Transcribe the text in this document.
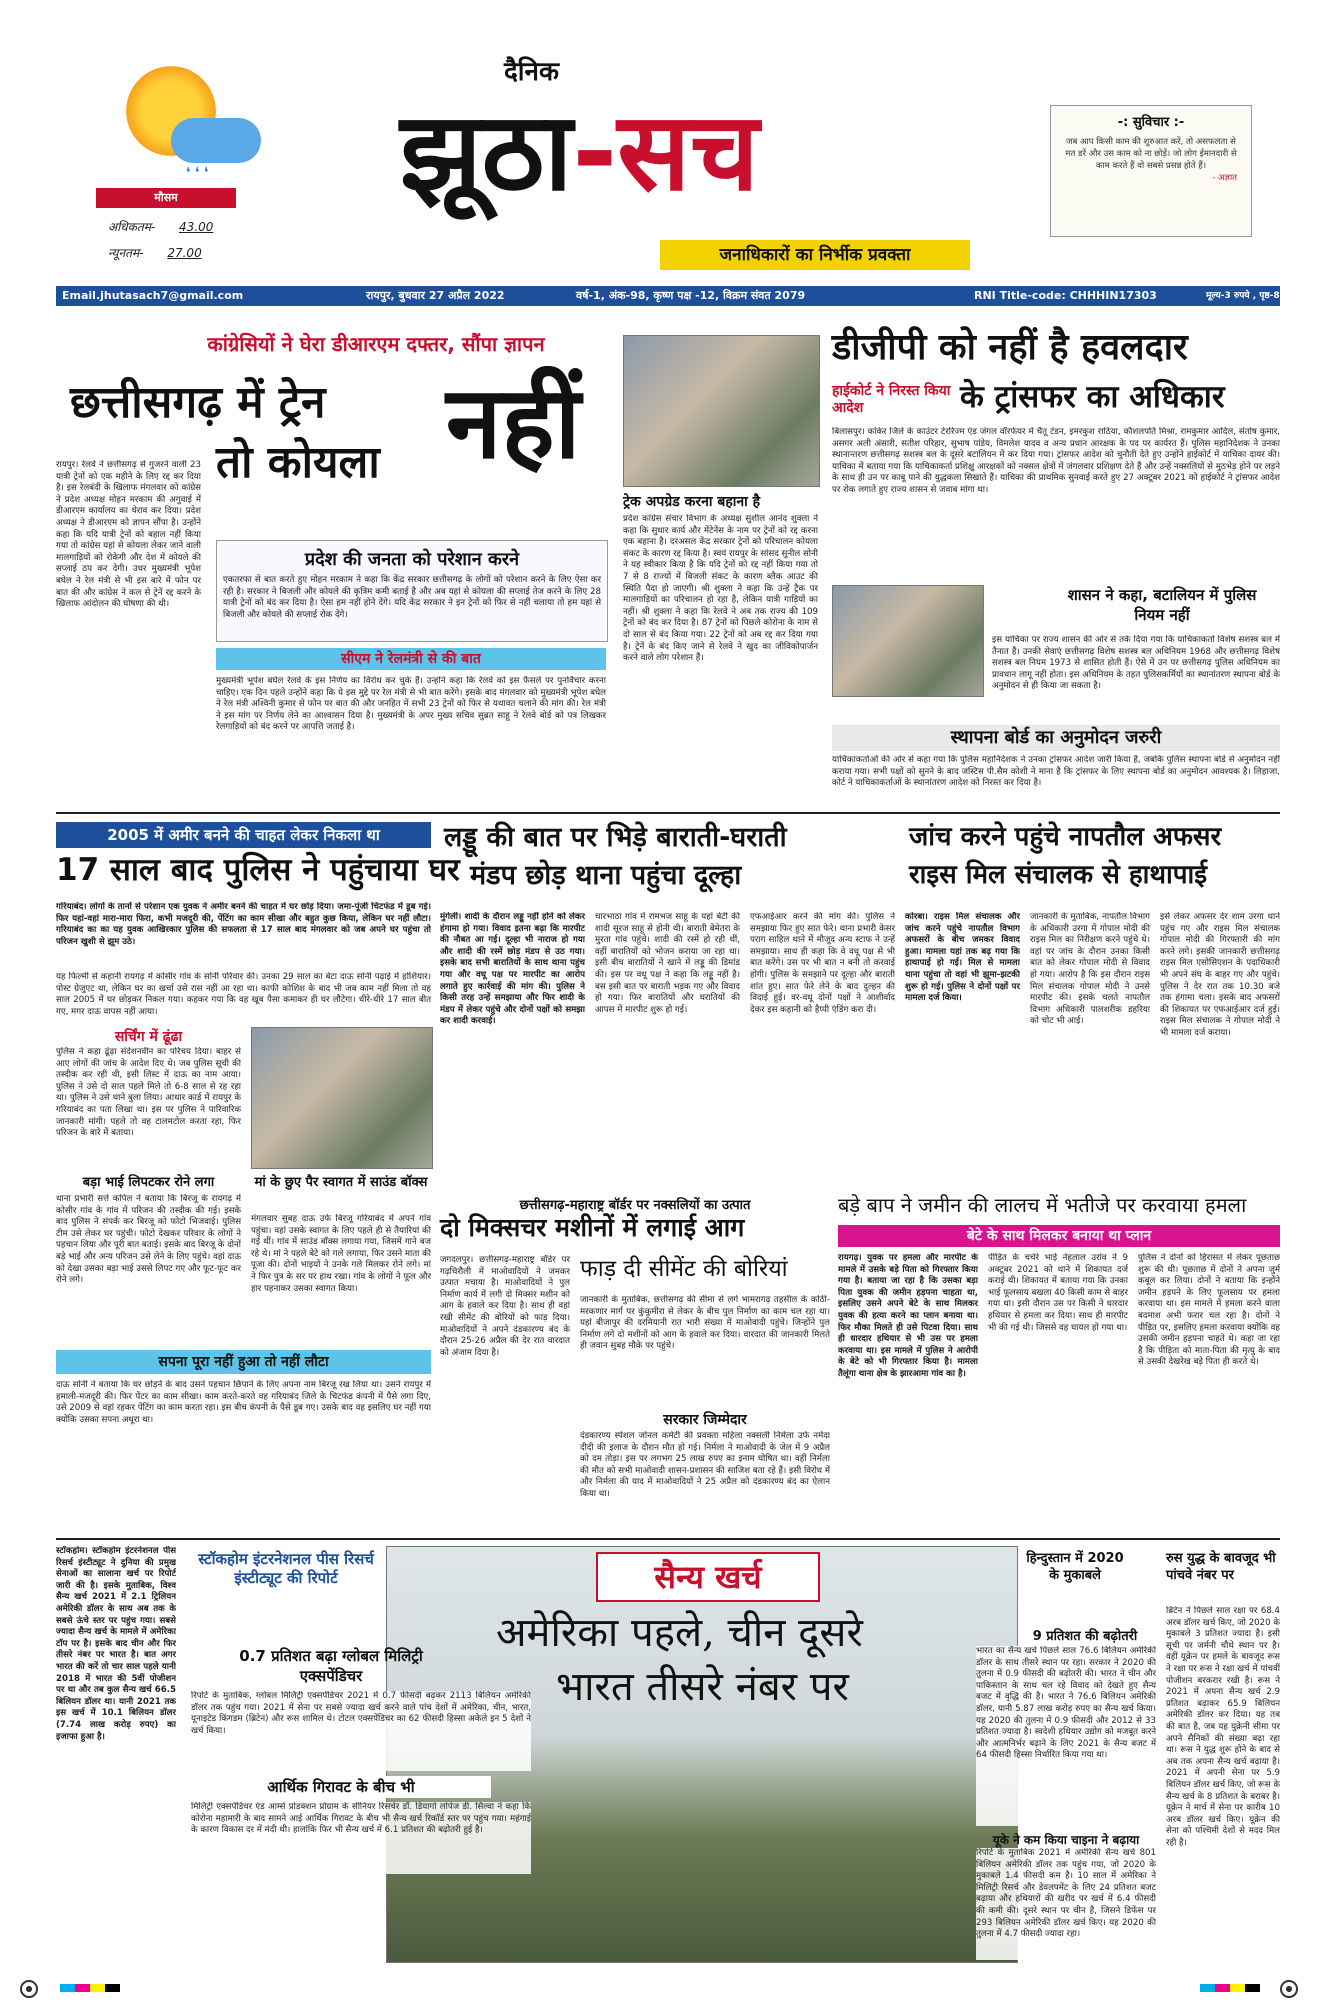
❛ ❛ ❛
मौसम
अधिकतम- 43.00
न्यूनतम- 27.00
दैनिक
झूठा-सच
जनाधिकारों का निर्भीक प्रवक्ता
-: सुविचार :-
जब आप किसी काम की शुरुआत करें, तो असफलता से मत डरें और उस काम को ना छोड़ें। जो लोग ईमानदारी से काम करते हैं वो सबसे प्रसन्न होते हैं।
- अज्ञात
Email.jhutasach7@gmail.com	रायपुर, बुधवार 27 अप्रैल 2022	वर्ष-1, अंक-98, कृष्ण पक्ष -12, विक्रम संवत 2079	RNI Title-code: CHHHIN17303	मूल्य-3 रुपये , पृष्ठ-8
कांग्रेसियों ने घेरा डीआरएम दफ्तर, सौंपा ज्ञापन
छत्तीसगढ़ में ट्रेन
तो कोयला नहीं
रायपुर। रेलवे ने छत्तीसगढ़ से गुजरने वाली 23 यात्री ट्रेनों को एक महीने के लिए रद्द कर दिया है। इस रेलबंदी के खिलाफ मंगलवार को कांग्रेस ने प्रदेश अध्यक्ष मोहन मरकाम की अगुवाई में डीआरएम कार्यालय का घेराव कर दिया। प्रदेश अध्यक्ष ने डीआरएम को ज्ञापन सौंपा है। उन्होंने कहा कि यदि यात्री ट्रेनों को बहाल नहीं किया गया तो कांग्रेस यहां से कोयला लेकर जाने वाली मालगाड़ियों को रोकेगी और देश में कोयले की सप्लाई ठप कर देगी। उधर मुख्यमंत्री भूपेश बघेल ने रेल मंत्री से भी इस बारे में फोन पर बात की और कांग्रेस ने कल से ट्रेनें रद्द करने के खिलाफ आंदोलन की घोषणा की थी।
प्रदेश की जनता को परेशान करने
एकतरफा से बात करते हुए मोहन मरकाम ने कहा कि केंद्र सरकार छत्तीसगढ़ के लोगों को परेशान करने के लिए ऐसा कर रही है। सरकार ने बिजली और कोयले की कृत्रिम कमी बताई है और अब यहां से कोयला की सप्लाई तेज करने के लिए 28 यात्री ट्रेनों को बंद कर दिया है। ऐसा हम नहीं होने देंगे। यदि केंद्र सरकार ने इन ट्रेनों को फिर से नहीं चलाया तो हम यहां से बिजली और कोयले की सप्लाई रोक देंगे।
सीएम ने रेलमंत्री से की बात
मुख्यमंत्री भूपेश बघेल रेलवे के इस निर्णय का विरोध कर चुके हैं। उन्होंने कहा कि रेलवे को इस फैसले पर पुनर्विचार करना चाहिए। एक दिन पहले उन्होंने कहा कि ये इस मुद्दे पर रेल मंत्री से भी बात करेंगे। इसके बाद मंगलवार को मुख्यमंत्री भूपेश बघेल ने रेल मंत्री अश्विनी कुमार से फोन पर बात की और जनहित में सभी 23 ट्रेनों को फिर से यथावत चलाने की मांग की। रेल मंत्री ने इस मांग पर निर्णय लेने का आश्वासन दिया है। मुख्यमंत्री के अपर मुख्य सचिव सुब्रत साहू ने रेलवे बोर्ड को पत्र लिखकर रेलगाड़ियों को बंद करने पर आपत्ति जताई है।
ट्रेक अपग्रेड करना बहाना है
प्रदेश कांग्रेस संचार विभाग के अध्यक्ष सुशील आनंद शुक्ला ने कहा कि सुधार कार्य और मेंटेनेंस के नाम पर ट्रेनों को रद्द करना एक बहाना है। दरअसल केंद्र सरकार ट्रेनों को परिचालन कोयला संकट के कारण रद्द किया है। स्वयं रायपुर के सांसद सुनील सोनी ने यह स्वीकार किया है कि यदि ट्रेनों को रद्द नहीं किया गया तो 7 से 8 राज्यों में बिजली संकट के कारण ब्लैक आउट की स्थिति पैदा हो जाएगी। श्री शुक्ला ने कहा कि उन्हें ट्रैक पर मालगाड़ियों का परिचालन हो रहा है, लेकिन यात्री गाड़ियों का नहीं। श्री शुक्ला ने कहा कि रेलवे ने अब तक राज्य की 109 ट्रेनों को बंद कर दिया है। 87 ट्रेनों को पिछले कोरोना के नाम से दो साल से बंद किया गया। 22 ट्रेनों को अब रद्द कर दिया गया है। ट्रेनें के बंद किए जाने से रेलवे ने खुद का जीविकोपार्जन करने वाले लोग परेशान हैं।
डीजीपी को नहीं है हवलदार
हाईकोर्ट ने निरस्त किया आदेश	के ट्रांसफर का अधिकार
बिलासपुर। कांकेर जिले के काउंटर टेररिज्म एंड जंगल वॉरफेयर में चैतू टंडन, इमरकुश राठिया, कौशलपति मिश्रा, रामकुमार आदिल, संतोष कुमार, असगर अली अंसारी, सतीश परिहार, सुभाष पांडेय, विमलेश यादव व अन्य प्रधान आरक्षक के पद पर कार्यरत हैं। पुलिस महानिदेशक ने उनका स्थानान्तरण छत्तीसगढ़ सशस्त्र बल के दूसरे बटालियन में कर दिया गया। ट्रांसफर आदेश को चुनौती देते हुए उन्होंने हाईकोर्ट में याचिका दायर की। याचिका में बताया गया कि याचिकाकर्ता प्रशिक्षु आरक्षकों को नक्सल क्षेत्रों में जंगलवार प्रशिक्षण देते हैं और उन्हें नक्सलियों से मुठभेड़ होने पर लड़ने के साथ ही उन पर काबू पाने की युद्धकला सिखाते हैं। याचिका की प्राथमिक सुनवाई करते हुए 27 अक्टूबर 2021 को हाईकोर्ट ने ट्रांसफर आदेश पर रोक लगाते हुए राज्य शासन से जवाब मांगा था।
शासन ने कहा, बटालियन में पुलिस नियम नहीं
इस याचिका पर राज्य शासन की ओर से तर्क दिया गया कि याचिकाकर्ता विशेष सशस्त्र बल में तैनात हैं। उनकी सेवाएं छत्तीसगढ़ विशेष सशस्त्र बल अधिनियम 1968 और छत्तीसगढ़ विशेष सशस्त्र बल नियम 1973 से शासित होती हैं। ऐसे में उन पर छत्तीसगढ़ पुलिस अधिनियम का प्रावधान लागू नहीं होता। इस अधिनियम के तहत पुलिसकर्मियों का स्थानांतरण स्थापना बोर्ड के अनुमोदन से ही किया जा सकता है।
स्थापना बोर्ड का अनुमोदन जरुरी
याचिकाकर्ताओं की ओर से कहा गया कि पुलिस महानिदेशक ने उनका ट्रांसफर आदेश जारी किया है, जबकि पुलिस स्थापना बोर्ड से अनुमोदन नहीं कराया गया। सभी पक्षों को सुनने के बाद जस्टिस पी.सैम कोशी ने माना है कि ट्रांसफर के लिए स्थापना बोर्ड का अनुमोदन आवश्यक है। लिहाजा, कोर्ट ने याचिकाकर्ताओं के स्थानांतरण आदेश को निरस्त कर दिया है।
2005 में अमीर बनने की चाहत लेकर निकला था
17 साल बाद पुलिस ने पहुंचाया घर
गरियाबंद। लोगों के तानों से परेशान एक युवक ने अमीर बनने की चाहत में घर छोड़ दिया। जमा-पूंजी चिटफंड में डूब गई। फिर यहां-वहां मारा-मारा फिरा, कभी मजदूरी की, पेंटिंग का काम सीखा और बहुत कुछ किया, लेकिन घर नहीं लौटा। गरियाबंद का का यह युवक आखिरकार पुलिस की सफलता से 17 साल बाद मंगलवार को जब अपने घर पहुंचा तो परिजन खुशी से झूम उठे।
यह फिल्मी से कहानी रायगढ़ में कोसीर गांव के सोनी परिवार की। उनका 29 साल का बेटा दाऊ सोनी पढ़ाई में होशियार। पोस्ट ग्रेजुएट था, लेकिन घर का खर्चा उसे रास नहीं आ रहा था। काफी कोशिश के बाद भी जब काम नहीं मिला तो वह साल 2005 में घर छोड़कर निकल गया। कहकर गया कि वह खूब पैसा कमाकर ही घर लौटेगा। धीरे-धीरे 17 साल बीत गए, मगर दाऊ वापस नहीं आया।
सर्चिंग में ढूंढा
पुलिस ने कहा ढूंढ़ा संदेशनवीन का परिचय दिया। बाहर से आए लोगों की जांच के आदेश दिए थे। जब पुलिस सूची की तस्दीक कर रही थी, इसी लिस्ट में दाऊ का नाम आया। पुलिस ने उसे दो साल पहले मिले तो 6-8 साल से रह रहा था। पुलिस ने उसे थाने बुला लिया। आधार कार्ड में रायपुर के गरियाबंद का पता लिखा था। इस पर पुलिस ने पारिवारिक जानकारी मांगी। पहले तो वह टालमटोल करता रहा, फिर परिजन के बारे में बताया।
बड़ा भाई लिपटकर रोने लगा
थाना प्रभारी सत्ते कपिल ने बताया कि बिरजू के रायगढ़ में कोसीर गांव के गांव में परिजन की तस्दीक की गई। इसके बाद पुलिस ने संपर्क कर बिरजू को फोटो भिजवाई। पुलिस टीम उसे लेकर घर पहुंची। फोटो देखकर परिवार के लोगों ने पहचान लिया और पूरी बात बताई। इसके बाद बिरजू के दोनों बड़े भाई और अन्य परिजन उसे लेने के लिए पहुंचे। वहां दाऊ को देखा उसका बड़ा भाई उससे लिपट गए और फूट-फूट कर रोने लगे।
मां के छुए पैर स्वागत में साउंड बॉक्स
मंगलवार सुबह दाऊ उर्फ बिरजू गरियाबंद में अपने गांव पहुंचा। वहां उसके स्वागत के लिए पहले ही से तैयारियां की गई थीं। गांव में साउंड बॉक्स लगाया गया, जिसमें गाने बज रहे थे। मां ने पहले बेटे को गले लगाया, फिर उसने माता की पूजा की। दोनों भाइयों ने उनके गले मिलकर रोने लगे। मां ने फिर पुत्र के सर पर हाथ रखा। गांव के लोगों ने फूल और हार पहनाकर उसका स्वागत किया।
सपना पूरा नहीं हुआ तो नहीं लौटा
दाऊ सोनी ने बताया कि घर छोड़ने के बाद उसने पहचान छिपाने के लिए अपना नाम बिरजू रख लिया था। उसने रायपुर में हमाली-मजदूरी की। फिर पेंटर का काम सीखा। काम करते-करते वह गरियाबंद जिले के चिटफंड कंपनी में पैसे लगा दिए, उसे 2009 से वहां रहकर पेंटिंग का काम करता रहा। इस बीच कंपनी के पैसे डूब गए। उसके बाद वह इसलिए घर नहीं गया क्योंकि उसका सपना अधूरा था।
लड्डू की बात पर भिड़े बाराती-घराती
मंडप छोड़ थाना पहुंचा दूल्हा
मुंगेली। शादी के दौरान लड्डू नहीं होने को लेकर हंगामा हो गया। विवाद इतना बढ़ा कि मारपीट की नौबत आ गई। दूल्हा भी नाराज हो गया और शादी की रस्में छोड़ मंडप से उठ गया। इसके बाद सभी बारातियों के साथ थाना पहुंच गया और वधू पक्ष पर मारपीट का आरोप लगाते हुए कार्रवाई की मांग की। पुलिस ने किसी तरह उन्हें समझाया और फिर शादी के मंडप में लेकर पहुंचे और दोनों पक्षों को समझा कर शादी करवाई।
चारभाठा गांव में रामभज साहू के यहां बेटी की शादी सूरज साहू से होनी थी। बाराती बेमेतरा के मुरता गांव पहुंचे। शादी की रस्में हो रही थीं, वहीं बारातियों को भोजन कराया जा रहा था। इसी बीच बारातियों ने खाने में लड्डू की डिमांड की। इस पर वधू पक्ष ने कहा कि लड्डू नहीं है। बस इसी बात पर बाराती भड़क गए और विवाद हो गया। फिर बारातियों और घरातियों की आपस में मारपीट शुरू हो गई।
एफआईआर करने की मांग की। पुलिस ने समझाया फिर हुए सात फेरे। थाना प्रभारी केसर पराग साहिल थाने में मौजूद अन्य स्टाफ ने उन्हें समझाया। साथ ही कहा कि वे वधू पक्ष से भी बात करेंगे। उस पर भी बात न बनी तो करवाई होगी। पुलिस के समझाने पर दूल्हा और बाराती शांत हुए। सात फेरे लेने के बाद दुल्हन की विदाई हुई। वर-वधू दोनों पक्षों ने आशीर्वाद देकर इस कहानी को हैप्पी एंडिंग करा दी।
जांच करने पहुंचे नापतौल अफसर
राइस मिल संचालक से हाथापाई
कोरबा। राइस मिल संचालक और जांच करने पहुंचे नापतौल विभाग अफसरों के बीच जमकर विवाद हुआ। मामला यहां तक बढ़ गया कि हाथापाई हो गई। मिल से मामला थाना पहुंचा तो वहां भी झूमा-झटकी शुरू हो गई। पुलिस ने दोनों पक्षों पर मामला दर्ज किया।
जानकारी के मुताबिक, नापतौल विभाग के अधिकारी उरगा में गोपाल मोदी की राइस मिल का निरीक्षण करने पहुंचे थे। वहां पर जांच के दौरान उनका किसी बात को लेकर गोपाल मोदी से विवाद हो गया। आरोप है कि इस दौरान राइस मिल संचालक गोपाल मोदी ने उनसे मारपीट की। इसके चलते नापतौल विभाग अधिकारी पालशरीक डहरिया को चोट भी आई।
इसे लेकर अफसर देर शाम उरगा थाने पहुंच गए और राइस मिल संचालक गोपाल मोदी की गिरफ्तारी की मांग करने लगे। इसकी जानकारी छत्तीसगढ़ राइस मिल एसोसिएशन के पदाधिकारी भी अपने संघ के बाहर गए और पहुंचे। पुलिस ने देर रात तक 10.30 बजे तक हंगामा चला। इसके बाद अफसरों की शिकायत पर एफआईआर दर्ज हुई। राइस मिल संचालक ने गोपाल मोदी ने भी मामला दर्ज कराया।
छत्तीसगढ़-महाराष्ट्र बॉर्डर पर नक्सलियों का उत्पात
दो मिक्सचर मशीनों में लगाई आग
फाड़ दी सीमेंट की बोरियां
जगदलपुर। छत्तीसगढ़-महाराष्ट्र बॉर्डर पर गढ़चिरौली में माओवादियों ने जमकर उत्पात मचाया है। माओवादियों ने पुल निर्माण कार्य में लगी दो मिक्सर मशीन को आग के हवाले कर दिया है। साथ ही वहां रखी सीमेंट की बोरियों को फाड़ दिया। माओवादियों ने अपने दंडकारण्य बंद के दौरान 25-26 अप्रैल की देर रात वारदात को अंजाम दिया है।
जानकारी के मुताबिक, छत्तीसगढ़ की सीमा से लगे भामरागढ़ तहसील के कोठी-मरकणार मार्ग पर कुंकुमीरा से लेकर के बीच पुल निर्माण का काम चल रहा था। यहां बीजापुर की दरमियानी रात भारी संख्या में माओवादी पहुंचे। जिन्होंने पुल निर्माण लगे दो मशीनों को आग के हवाले कर दिया। वारदात की जानकारी मिलते ही जवान सुबह मौके पर पहुंचे।
सरकार जिम्मेदार
दंडकारण्य स्पेशल जोनल कमेटी की प्रवक्ता महिला नक्सली निर्मला उर्फ नर्मदा दीदी की इलाज के दौरान मौत हो गई। निर्मला ने माओवादी के जेल में 9 अप्रैल को दम तोड़ा। इस पर लगभग 25 लाख रुपए का इनाम घोषित था। वहीं निर्मला की मौत को सभी माओवादी शासन-प्रशासन की साजिश बता रहे हैं। इसी विरोध में और निर्मला की याद में माओवादियों ने 25 अप्रैल को दंडकारण्य बंद का ऐलान किया था।
बड़े बाप ने जमीन की लालच में भतीजे पर करवाया हमला
बेटे के साथ मिलकर बनाया था प्लान
रायगढ़। युवक पर हमला और मारपीट के मामले में उसके बड़े पिता को गिरफ्तार किया गया है। बताया जा रहा है कि उसका बड़ा पिता युवक की जमीन हड़पना चाहता था, इसलिए उसने अपने बेटे के साथ मिलकर युवक की हत्या करने का प्लान बनाया था। फिर मौका मिलते ही उसे पिटवा दिया। साथ ही धारदार हथियार से भी उस पर हमला करवाया था। इस मामले में पुलिस ने आरोपी के बेटे को भी गिरफ्तार किया है। मामला तैलूंगा थाना क्षेत्र के झारआमा गांव का है।
पीड़ित के चचेरे भाई नेहलाल उरांव ने 9 अक्टूबर 2021 को थाने में शिकायत दर्ज कराई थी। शिकायत में बताया गया कि उनका भाई फूलसाय बखला 40 किसी काम से बाहर गया था। इसी दौरान उस पर किसी ने धारदार हथियार से हमला कर दिया। साथ ही मारपीट भी की गई थी। जिससे वह घायल हो गया था।
पुलिस ने दोनों को हिरासत में लेकर पूछताछ शुरू की थी। पूछताछ में दोनों ने अपना जुर्म कबूल कर लिया। दोनों ने बताया कि इन्होंने जमीन हड़पने के लिए फूलसाय पर हमला करवाया था। इस मामले में हमला करने वाला बदमाश अभी फरार चल रहा है। दोनों ने पीड़ित पर, इसलिए हमला करवाया क्योंकि वह उसकी जमीन हड़पना चाहते थे। कहा जा रहा है कि पीड़िता को माता-पिता की मृत्यु के बाद से उसकी देखरेख बड़े पिता ही करते थे।
स्टॉकहोम। स्टॉकहोम इंटरनेशनल पीस रिसर्च इंस्टीट्यूट ने दुनिया की प्रमुख सेनाओं का सालाना खर्च पर रिपोर्ट जारी की है। इसके मुताबिक, विश्व सैन्य खर्च 2021 में 2.1 ट्रिलियन अमेरिकी डॉलर के साथ अब तक के सबसे ऊंचे स्तर पर पहुंच गया। सबसे ज्यादा सैन्य खर्च के मामले में अमेरिका टॉप पर है। इसके बाद चीन और फिर तीसरे नंबर पर भारत है। बात अगर भारत की करें तो चार साल पहले यानी 2018 में भारत की 5वीं पोजीशन पर था और तब कुल सैन्य खर्च 66.5 बिलियन डॉलर था। यानी 2021 तक इस खर्च में 10.1 बिलियन डॉलर (7.74 लाख करोड़ रुपए) का इजाफा हुआ है।
स्टॉकहोम इंटरनेशनल पीस रिसर्च इंस्टीट्यूट की रिपोर्ट	सैन्य खर्च
अमेरिका पहले, चीन दूसरे
भारत तीसरे नंबर पर
0.7 प्रतिशत बढ़ा ग्लोबल मिलिट्री एक्सपेंडिचर
रिपोर्ट के मुताबिक, ग्लोबल मिलिट्री एक्सपेंडिचर 2021 में 0.7 फीसदी बढ़कर 2113 बिलियन अमेरिकी डॉलर तक पहुंच गया। 2021 में सेना पर सबसे ज्यादा खर्च करने वाले पांच देशों में अमेरिका, चीन, भारत, यूनाइटेड किंगडम (ब्रिटेन) और रूस शामिल थे। टोटल एक्सपेंडिचर का 62 फीसदी हिस्सा अकेले इन 5 देशों ने खर्च किया।
आर्थिक गिरावट के बीच भी
मिलिट्री एक्सपेंडिचर एंड आर्म्स प्रोडक्शन प्रोग्राम के सीनियर रिसर्चर डॉ. डियागो लोपेज डी. सिल्वा ने कहा कि कोरोना महामारी के बाद सामने आई आर्थिक गिरावट के बीच भी सैन्य खर्च रिकॉर्ड स्तर पर पहुंच गया। महंगाई के कारण विकास दर में मंदी थी। हालांकि फिर भी सैन्य खर्च में 6.1 प्रतिशत की बढ़ोतरी हुई है।
हिन्दुस्तान में 2020 के मुकाबले
9 प्रतिशत की बढ़ोतरी
भारत का सैन्य खर्च पिछले साल 76.6 बिलियन अमेरिकी डॉलर के साथ तीसरे स्थान पर रहा। सरकार ने 2020 की तुलना में 0.9 फीसदी की बढ़ोतरी की। भारत ने चीन और पाकिस्तान के साथ चल रहे विवाद को देखते हुए सैन्य बजट में वृद्धि की है। भारत ने 76.6 बिलियन अमेरिकी डॉलर, यानी 5.87 लाख करोड़ रुपए का सैन्य खर्च किया। यह 2020 की तुलना में 0.9 फीसदी और 2012 से 33 प्रतिशत ज्यादा है। स्वदेशी हथियार उद्योग को मजबूत करने और आत्मनिर्भर बढ़ाने के लिए 2021 के सैन्य बजट में 64 फीसदी हिस्सा निर्धारित किया गया था।
यूके ने कम किया चाइना ने बढ़ाया
रिपोर्ट के मुताबिक 2021 में अमेरिकी सैन्य खर्च 801 बिलियन अमेरिकी डॉलर तक पहुंच गया, जो 2020 के मुकाबले 1.4 फीसदी कम है। 10 साल में अमेरिका ने मिलिट्री रिसर्च और डेवलपमेंट के लिए 24 प्रतिशत बजट बढ़ाया और हथियारों की खरीद पर खर्च में 6.4 फीसदी की कमी की। दूसरे स्थान पर चीन है, जिसने डिफेंस पर 293 बिलियन अमेरिकी डॉलर खर्च किए। यह 2020 की तुलना में 4.7 फीसदी ज्यादा रहा।
रुस युद्ध के बावजूद भी पांचवे नंबर पर
ब्रिटेन ने पिछले साल रक्षा पर 68.4 अरब डॉलर खर्च किए, जो 2020 के मुकाबले 3 प्रतिशत ज्यादा है। इसी सूची पर जर्मनी चौथे स्थान पर है। वहीं यूक्रेन पर हमले के बावजूद रूस ने रक्षा पर रूस ने रक्षा खर्च में पांचवीं पोजीशन बरकरार रखी है। रूस ने 2021 में अपना सैन्य खर्च 2.9 प्रतिशत बढ़ाकर 65.9 बिलियन अमेरिकी डॉलर कर दिया। यह तब की बात है, जब यह युक्रेनी सीमा पर अपने सैनिकों की संख्या बढ़ा रहा था। रूस ने युद्ध शुरू होने के बाद से अब तक अपना सैन्य खर्च बढ़ाया है। 2021 में अपनी सेना पर 5.9 बिलियन डॉलर खर्च किए, जो रूस के सैन्य खर्च के 8 प्रतिशत के बराबर है। यूक्रेन ने मार्च में सेना पर कारीब 10 अरब डॉलर खर्च किए। यूक्रेन की सेना को पश्चिमी देशों से मदद मिल रही है।
